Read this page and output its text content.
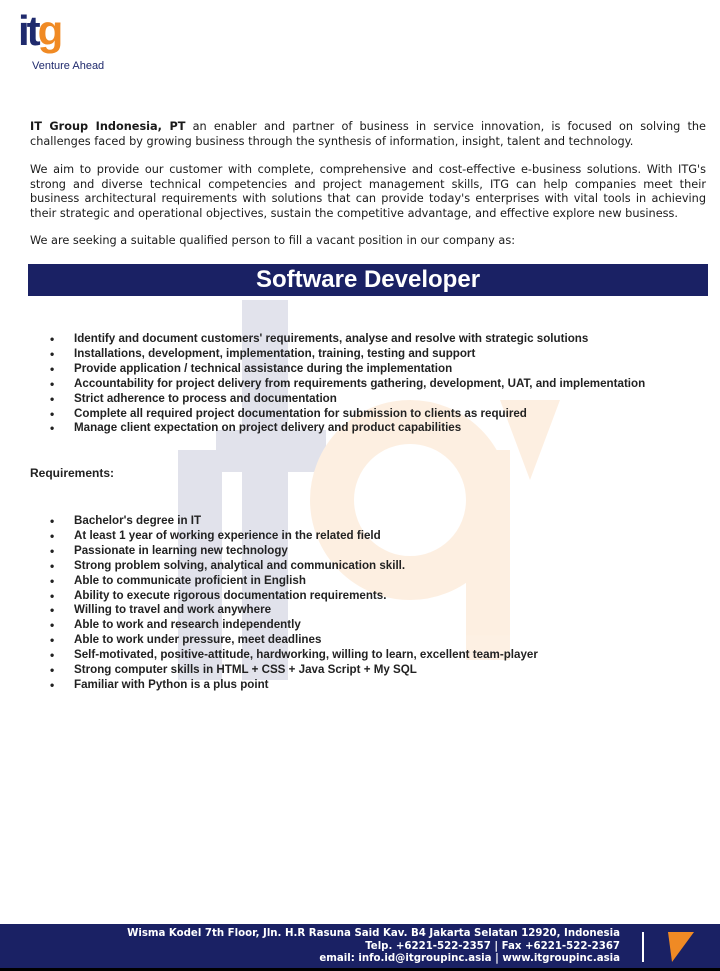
itg
Venture Ahead

IT Group Indonesia, PT an enabler and partner of business in service innovation, is focused on solving the challenges faced by growing business through the synthesis of information, insight, talent and technology.

We aim to provide our customer with complete, comprehensive and cost-effective e-business solutions. With ITG's strong and diverse technical competencies and project management skills, ITG can help companies meet their business architectural requirements with solutions that can provide today's enterprises with vital tools in achieving their strategic and operational objectives, sustain the competitive advantage, and effective explore new business.

We are seeking a suitable qualified person to fill a vacant position in our company as:

Software Developer
• Identify and document customers' requirements, analyse and resolve with strategic solutions
• Installations, development, implementation, training, testing and support
• Provide application / technical assistance during the implementation
• Accountability for project delivery from requirements gathering, development, UAT, and implementation
• Strict adherence to process and documentation
• Complete all required project documentation for submission to clients as required
• Manage client expectation on project delivery and product capabilities
Requirements:
• Bachelor's degree in IT
• At least 1 year of working experience in the related field
• Passionate in learning new technology
• Strong problem solving, analytical and communication skill.
• Able to communicate proficient in English
• Ability to execute rigorous documentation requirements.
• Willing to travel and work anywhere
• Able to work and research independently
• Able to work under pressure, meet deadlines
• Self-motivated, positive-attitude, hardworking, willing to learn, excellent team-player
• Strong computer skills in HTML + CSS + Java Script + My SQL
• Familiar with Python is a plus point
Wisma Kodel 7th Floor, Jln. H.R Rasuna Said Kav. B4 Jakarta Selatan 12920, Indonesia
Telp. +6221-522-2357 | Fax +6221-522-2367
email: info.id@itgroupinc.asia | www.itgroupinc.asia
